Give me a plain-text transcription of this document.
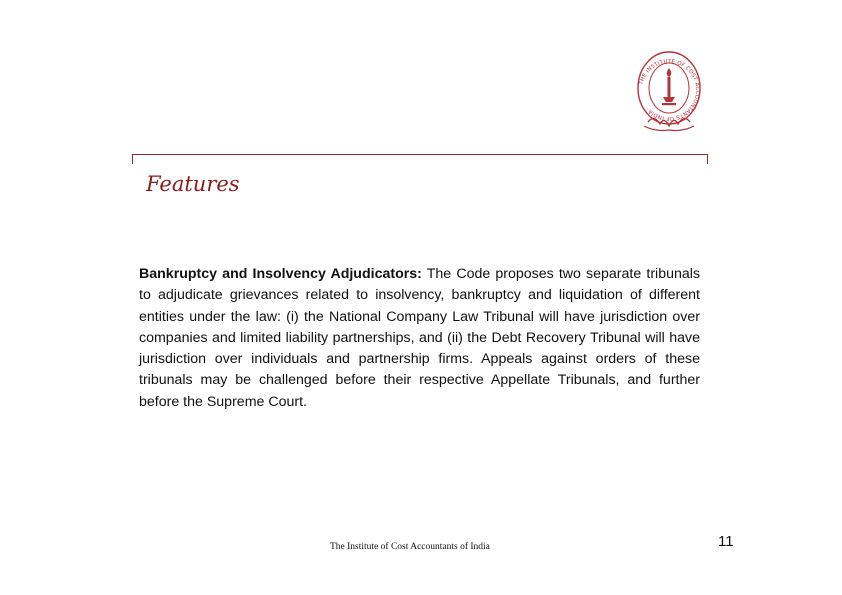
THE INSTITUTE OF COST ACCOUNTANTS OF INDIA
Features
Bankruptcy and Insolvency Adjudicators: The Code proposes two separate tribunals to adjudicate grievances related to insolvency, bankruptcy and liquidation of different entities under the law: (i) the National Company Law Tribunal will have jurisdiction over companies and limited liability partnerships, and (ii) the Debt Recovery Tribunal will have jurisdiction over individuals and partnership firms. Appeals against orders of these tribunals may be challenged before their respective Appellate Tribunals, and further before the Supreme Court.
The Institute of Cost Accountants of India	11
